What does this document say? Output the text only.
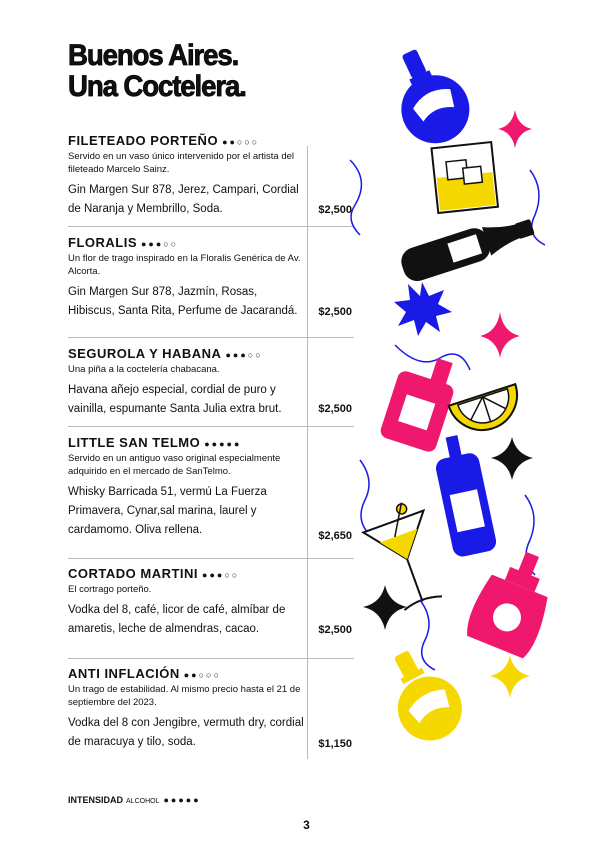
Buenos Aires.
Una Coctelera.
FILETEADO PORTEÑO ●●○○○
Servido en un vaso único intervenido por el artista del fileteado Marcelo Sainz.
Gin Margen Sur 878, Jerez, Campari, Cordial de Naranja y Membrillo, Soda.	$2,500
FLORALIS ●●●○○
Un flor de trago inspirado en la Floralis Genérica de Av. Alcorta.
Gin Margen Sur 878, Jazmín, Rosas, Hibiscus, Santa Rita, Perfume de Jacarandá.	$2,500
SEGUROLA Y HABANA ●●●○○
Una piña a la coctelería chabacana.
Havana añejo especial, cordial de puro y vainilla, espumante Santa Julia extra brut.	$2,500
LITTLE SAN TELMO ●●●●●
Servido en un antiguo vaso original especialmente adquirido en el mercado de SanTelmo.
Whisky Barricada 51, vermú La Fuerza Primavera, Cynar,sal marina, laurel y cardamomo. Oliva rellena.	$2,650
CORTADO MARTINI ●●●○○
El cortrago porteño.
Vodka del 8, café, licor de café, almíbar de amaretis, leche de almendras, cacao.	$2,500
ANTI INFLACIÓN ●●○○○
Un trago de estabilidad. Al mismo precio hasta el 21 de septiembre del 2023.
Vodka del 8 con Jengibre, vermuth dry, cordial de maracuya y tilo, soda.	$1,150
INTENSIDAD ALCOHOL ●●●●●
3
